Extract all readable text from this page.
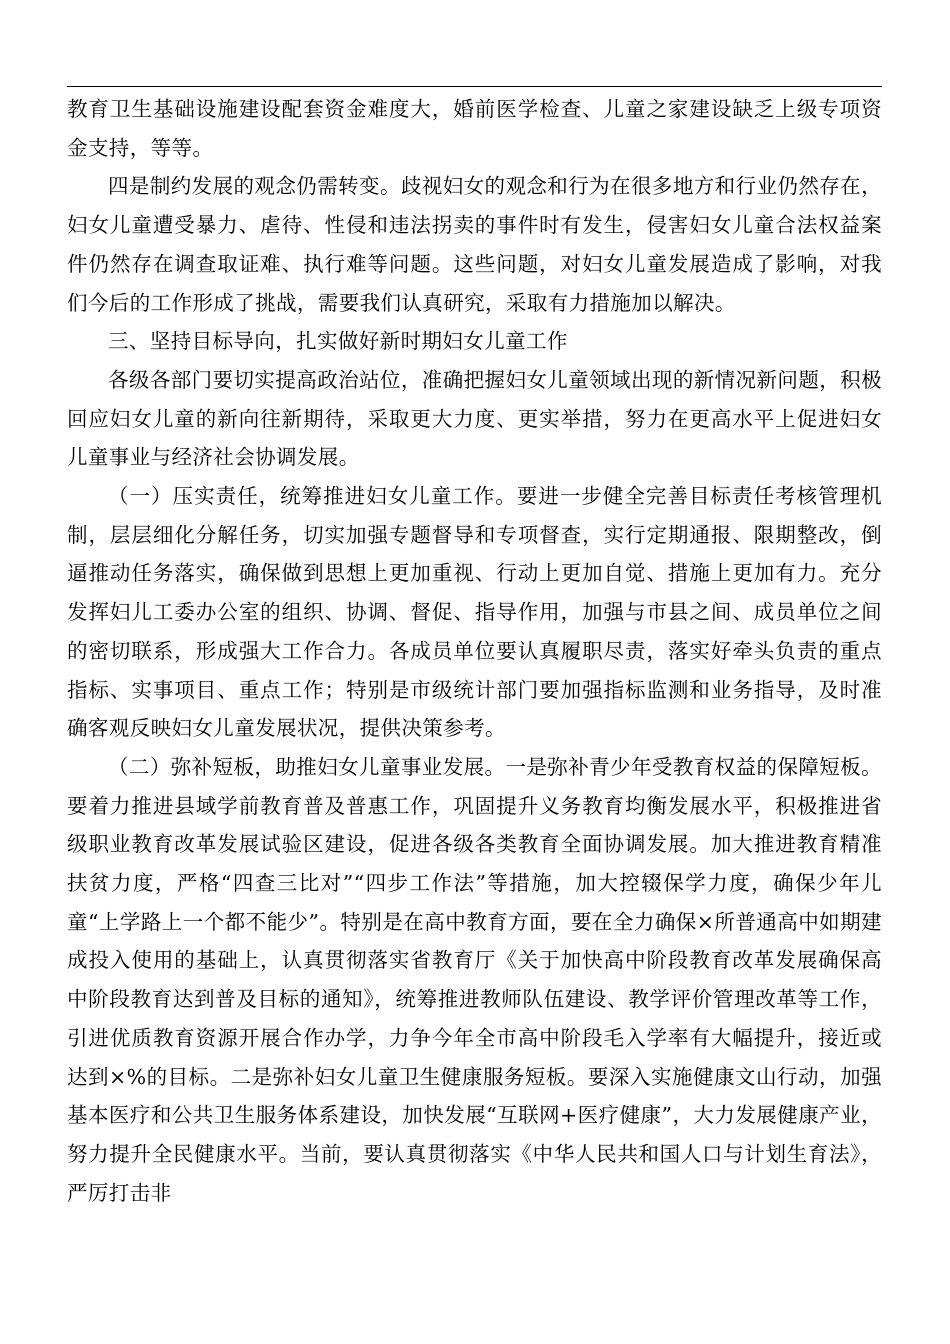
教育卫生基础设施建设配套资金难度大，婚前医学检查、儿童之家建设缺乏上级专项资金支持，等等。

四是制约发展的观念仍需转变。歧视妇女的观念和行为在很多地方和行业仍然存在，妇女儿童遭受暴力、虐待、性侵和违法拐卖的事件时有发生，侵害妇女儿童合法权益案件仍然存在调查取证难、执行难等问题。这些问题，对妇女儿童发展造成了影响，对我们今后的工作形成了挑战，需要我们认真研究，采取有力措施加以解决。

三、坚持目标导向，扎实做好新时期妇女儿童工作

各级各部门要切实提高政治站位，准确把握妇女儿童领域出现的新情况新问题，积极回应妇女儿童的新向往新期待，采取更大力度、更实举措，努力在更高水平上促进妇女儿童事业与经济社会协调发展。

（一）压实责任，统筹推进妇女儿童工作。要进一步健全完善目标责任考核管理机制，层层细化分解任务，切实加强专题督导和专项督查，实行定期通报、限期整改，倒逼推动任务落实，确保做到思想上更加重视、行动上更加自觉、措施上更加有力。充分发挥妇儿工委办公室的组织、协调、督促、指导作用，加强与市县之间、成员单位之间的密切联系，形成强大工作合力。各成员单位要认真履职尽责，落实好牵头负责的重点指标、实事项目、重点工作；特别是市级统计部门要加强指标监测和业务指导，及时准确客观反映妇女儿童发展状况，提供决策参考。

（二）弥补短板，助推妇女儿童事业发展。一是弥补青少年受教育权益的保障短板。要着力推进县域学前教育普及普惠工作，巩固提升义务教育均衡发展水平，积极推进省级职业教育改革发展试验区建设，促进各级各类教育全面协调发展。加大推进教育精准扶贫力度，严格“四查三比对”“四步工作法”等措施，加大控辍保学力度，确保少年儿童“上学路上一个都不能少”。特别是在高中教育方面，要在全力确保×所普通高中如期建成投入使用的基础上，认真贯彻落实省教育厅《关于加快高中阶段教育改革发展确保高中阶段教育达到普及目标的通知》，统筹推进教师队伍建设、教学评价管理改革等工作，引进优质教育资源开展合作办学，力争今年全市高中阶段毛入学率有大幅提升，接近或达到×%的目标。二是弥补妇女儿童卫生健康服务短板。要深入实施健康文山行动，加强基本医疗和公共卫生服务体系建设，加快发展“互联网+医疗健康”，大力发展健康产业，努力提升全民健康水平。当前，要认真贯彻落实《中华人民共和国人口与计划生育法》，严厉打击非
